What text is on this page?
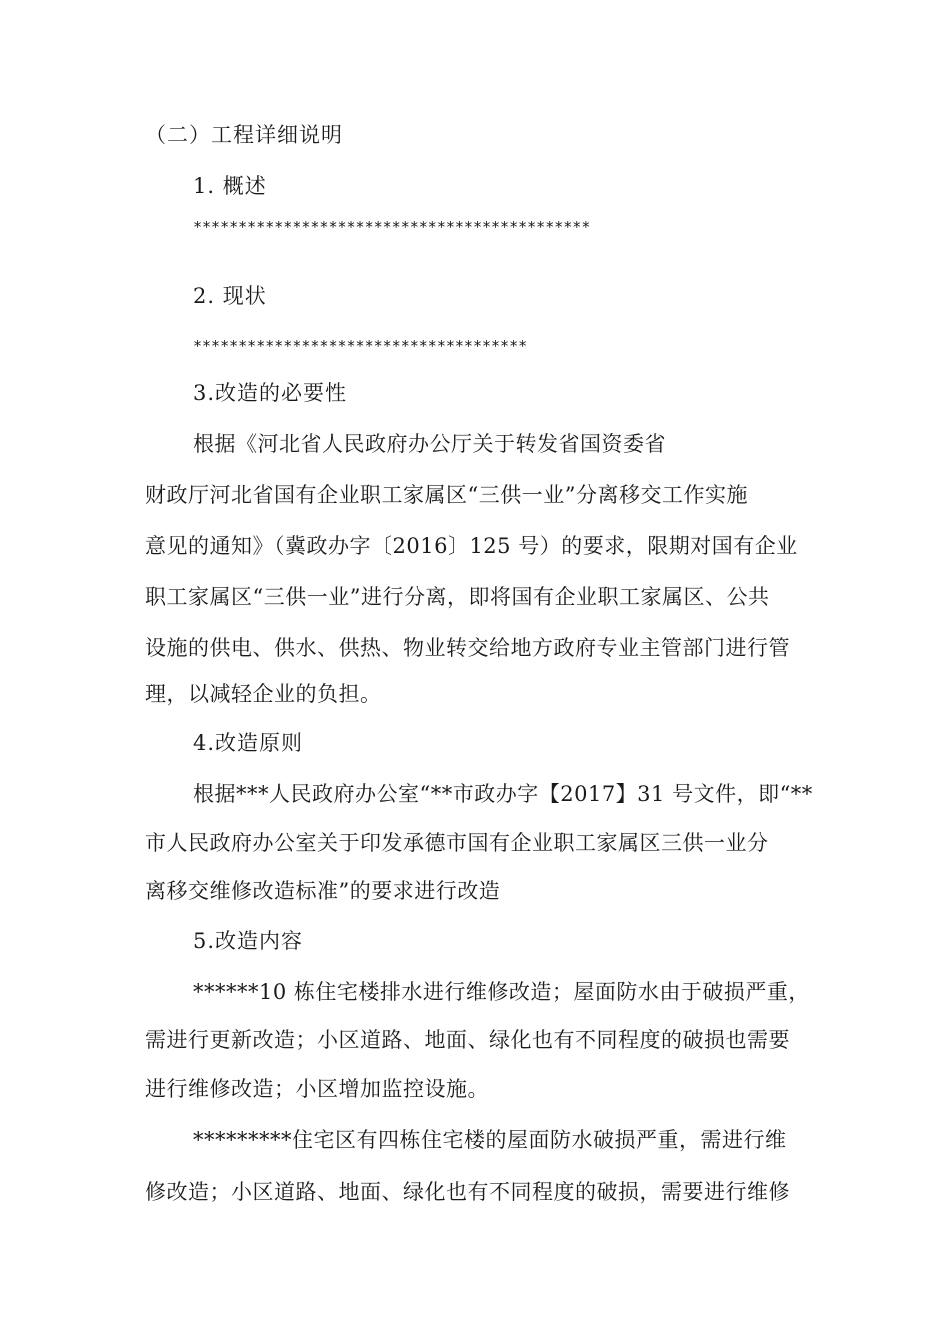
（二）工程详细说明
1. 概述
********************************************
2. 现状
*************************************
3.改造的必要性
根据《河北省人民政府办公厅关于转发省国资委省
财政厅河北省国有企业职工家属区“三供一业”分离移交工作实施
意见的通知》（冀政办字〔2016〕125 号）的要求，限期对国有企业
职工家属区“三供一业”进行分离，即将国有企业职工家属区、公共
设施的供电、供水、供热、物业转交给地方政府专业主管部门进行管
理，以减轻企业的负担。
4.改造原则
根据***人民政府办公室“**市政办字【2017】31 号文件，即“**
市人民政府办公室关于印发承德市国有企业职工家属区三供一业分
离移交维修改造标准”的要求进行改造
5.改造内容
******10 栋住宅楼排水进行维修改造；屋面防水由于破损严重，
需进行更新改造；小区道路、地面、绿化也有不同程度的破损也需要
进行维修改造；小区增加监控设施。
*********住宅区有四栋住宅楼的屋面防水破损严重，需进行维
修改造；小区道路、地面、绿化也有不同程度的破损，需要进行维修
